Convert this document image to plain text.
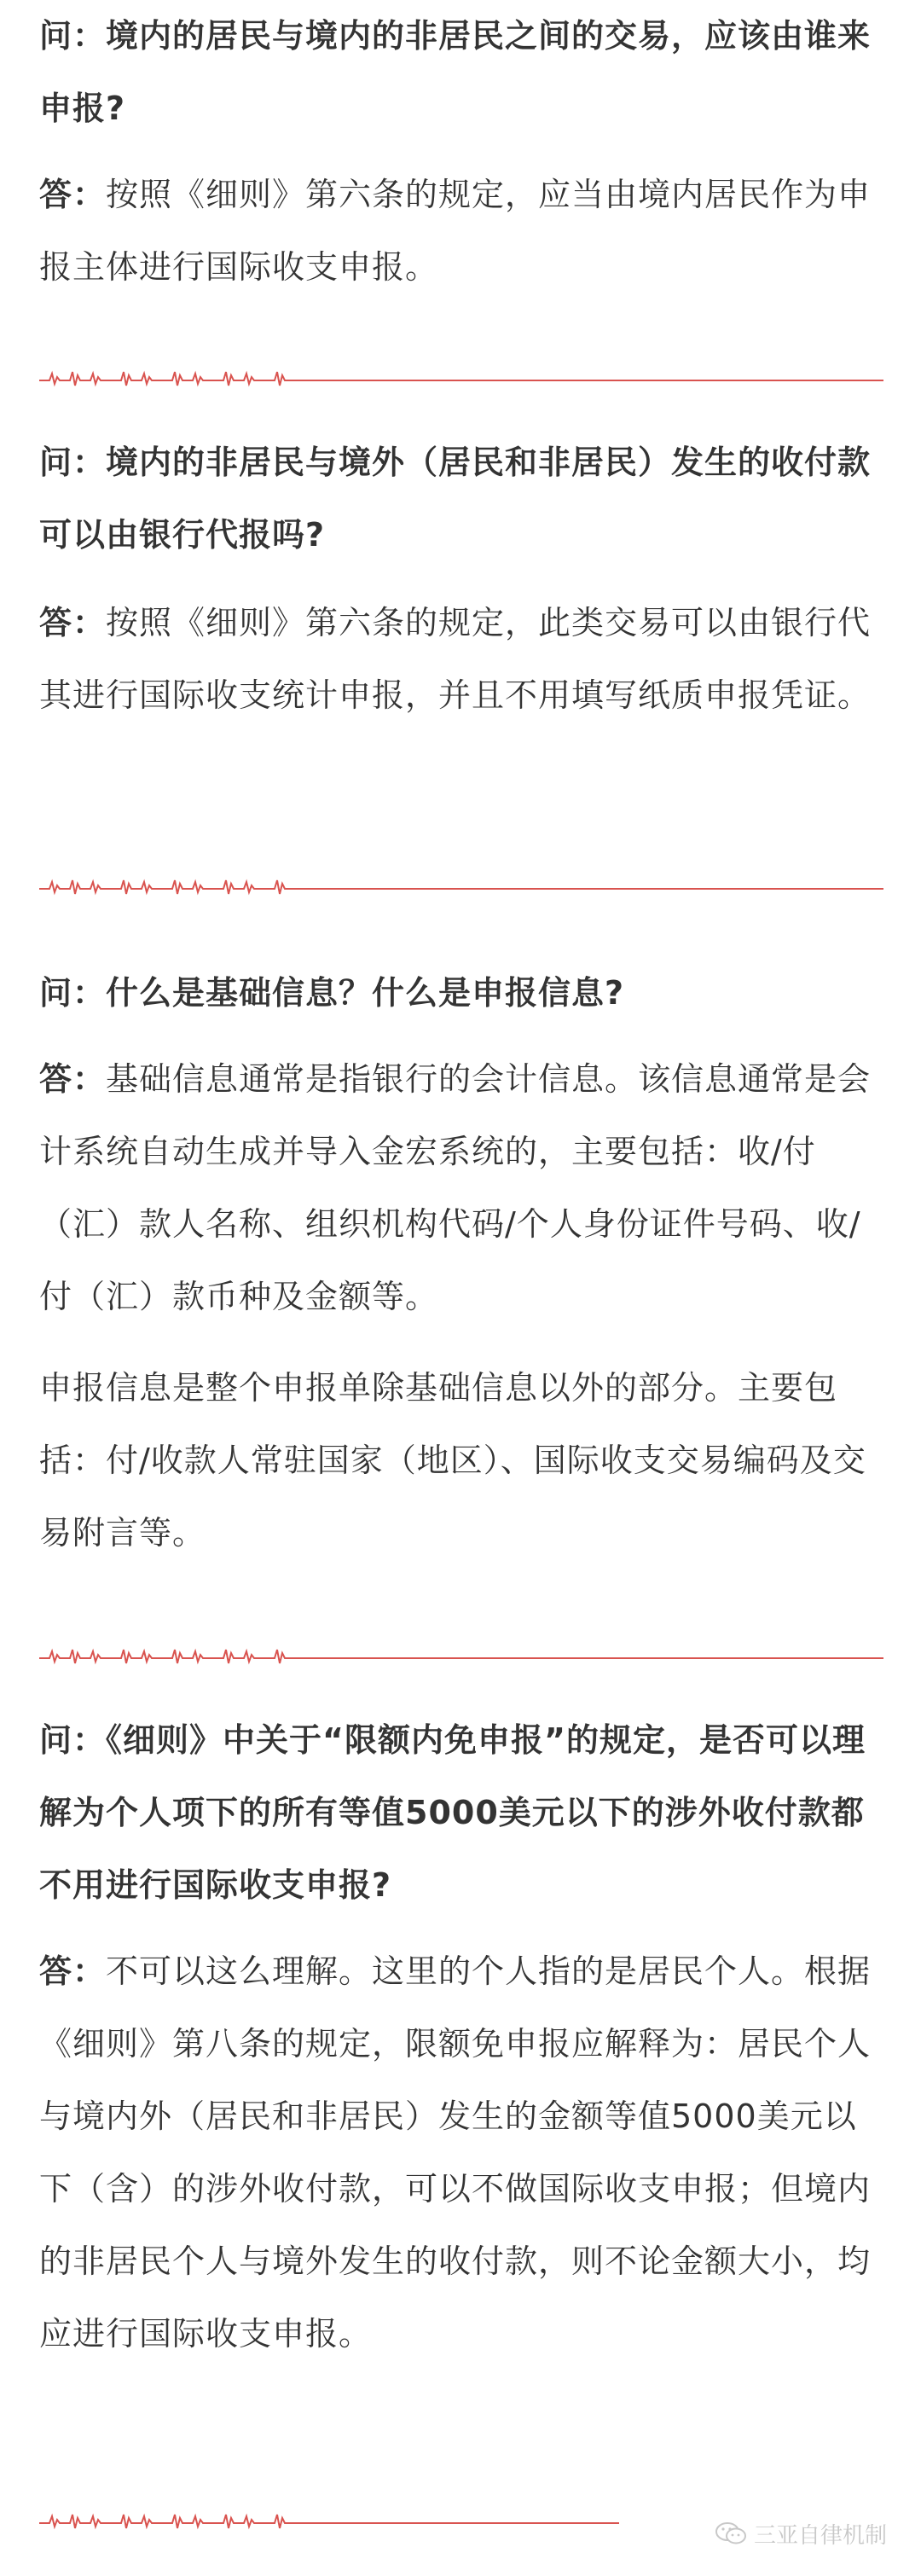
问：境内的居民与境内的非居民之间的交易，应该由谁来申报?

答：按照《细则》第六条的规定，应当由境内居民作为申报主体进行国际收支申报。

问：境内的非居民与境外（居民和非居民）发生的收付款可以由银行代报吗?

答：按照《细则》第六条的规定，此类交易可以由银行代其进行国际收支统计申报，并且不用填写纸质申报凭证。

问：什么是基础信息？什么是申报信息?

答：基础信息通常是指银行的会计信息。该信息通常是会计系统自动生成并导入金宏系统的，主要包括：收/付（汇）款人名称、组织机构代码/个人身份证件号码、收/付（汇）款币种及金额等。

申报信息是整个申报单除基础信息以外的部分。主要包括：付/收款人常驻国家（地区）、国际收支交易编码及交易附言等。

问：《细则》中关于“限额内免申报”的规定，是否可以理解为个人项下的所有等值5000美元以下的涉外收付款都不用进行国际收支申报?

答：不可以这么理解。这里的个人指的是居民个人。根据《细则》第八条的规定，限额免申报应解释为：居民个人与境内外（居民和非居民）发生的金额等值5000美元以下（含）的涉外收付款，可以不做国际收支申报；但境内的非居民个人与境外发生的收付款，则不论金额大小，均应进行国际收支申报。

三亚自律机制
